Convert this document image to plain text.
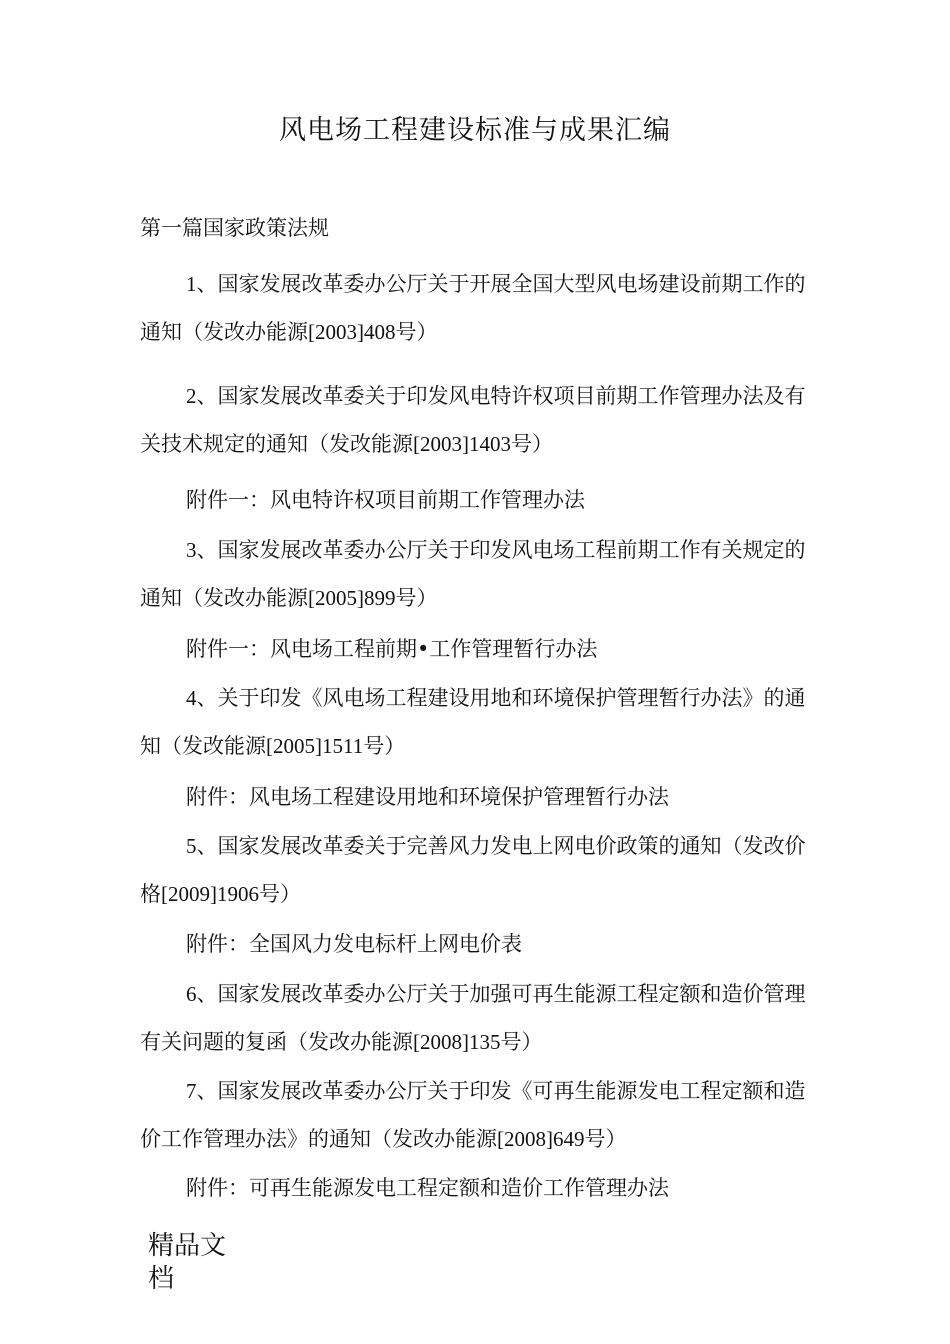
风电场工程建设标准与成果汇编
第一篇国家政策法规
1、国家发展改革委办公厅关于开展全国大型风电场建设前期工作的通知（发改办能源[2003]408号）
2、国家发展改革委关于印发风电特许权项目前期工作管理办法及有关技术规定的通知（发改能源[2003]1403号）
附件一：风电特许权项目前期工作管理办法
3、国家发展改革委办公厅关于印发风电场工程前期工作有关规定的通知（发改办能源[2005]899号）
附件一：风电场工程前期•工作管理暂行办法
4、关于印发《风电场工程建设用地和环境保护管理暂行办法》的通知（发改能源[2005]1511号）
附件：风电场工程建设用地和环境保护管理暂行办法
5、国家发展改革委关于完善风力发电上网电价政策的通知（发改价格[2009]1906号）
附件：全国风力发电标杆上网电价表
6、国家发展改革委办公厅关于加强可再生能源工程定额和造价管理有关问题的复函（发改办能源[2008]135号）
7、国家发展改革委办公厅关于印发《可再生能源发电工程定额和造价工作管理办法》的通知（发改办能源[2008]649号）
附件：可再生能源发电工程定额和造价工作管理办法
精品文档
